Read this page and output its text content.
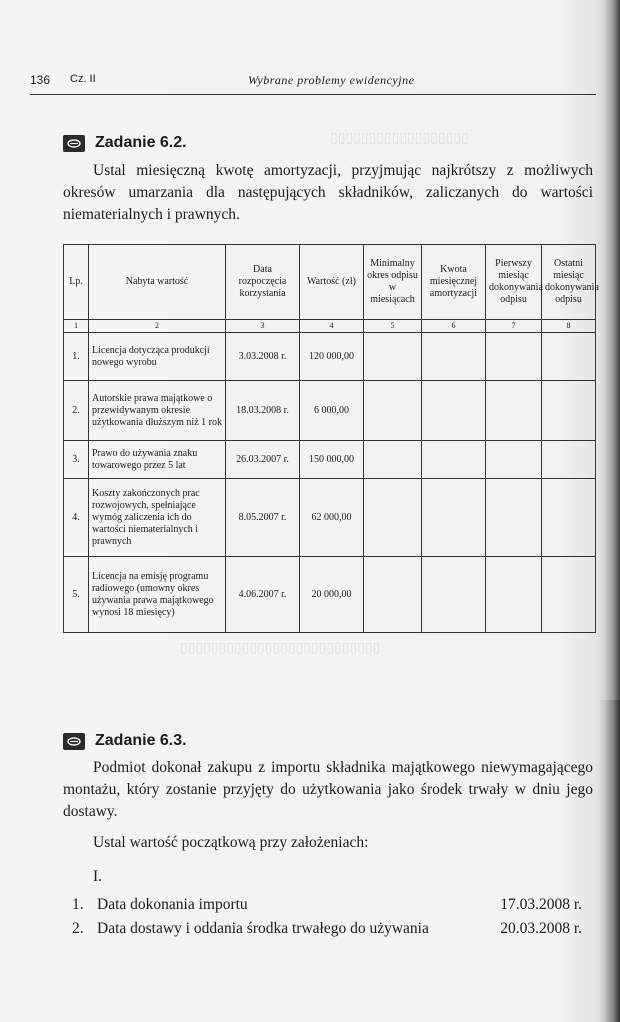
▯▯▯▯▯▯▯▯▯▯▯▯▯▯▯▯▯▯
▯▯▯▯▯▯▯▯▯▯▯▯▯▯▯▯▯▯▯▯▯▯▯▯▯▯
136 Cz. II	Wybrane problemy ewidencyjne
Zadanie 6.2.
Ustal miesięczną kwotę amortyzacji, przyjmując najkrótszy z możliwych okresów umarzania dla następujących składników, zaliczanych do wartości niematerialnych i prawnych.
Lp.	Nabyta wartość	Data rozpoczęcia korzystania	Wartość (zł)	Minimalny okres odpisu w miesiącach	Kwota miesięcznej amortyzacji	Pierwszy miesiąc dokonywania odpisu	Ostatni miesiąc dokonywania odpisu
1	2	3	4	5	6	7	8
1.	Licencja dotycząca produkcji nowego wyrobu	3.03.2008 r.	120 000,00				
2.	Autorskie prawa majątkowe o przewidywanym okresie użytkowania dłuższym niż 1 rok	18.03.2008 r.	6 000,00				
3.	Prawo do używania znaku towarowego przez 5 lat	26.03.2007 r.	150 000,00				
4.	Koszty zakończonych prac rozwojowych, spełniające wymóg zaliczenia ich do wartości niematerialnych i prawnych	8.05.2007 r.	62 000,00				
5.	Licencja na emisję programu radiowego (umowny okres używania prawa majątkowego wynosi 18 miesięcy)	4.06.2007 r.	20 000,00				
Zadanie 6.3.
Podmiot dokonał zakupu z importu składnika majątkowego niewymagającego montażu, który zostanie przyjęty do użytkowania jako środek trwały w dniu jego dostawy.
Ustal wartość początkową przy założeniach:
I.
1. Data dokonania importu	17.03.2008 r.
2. Data dostawy i oddania środka trwałego do używania	20.03.2008 r.
